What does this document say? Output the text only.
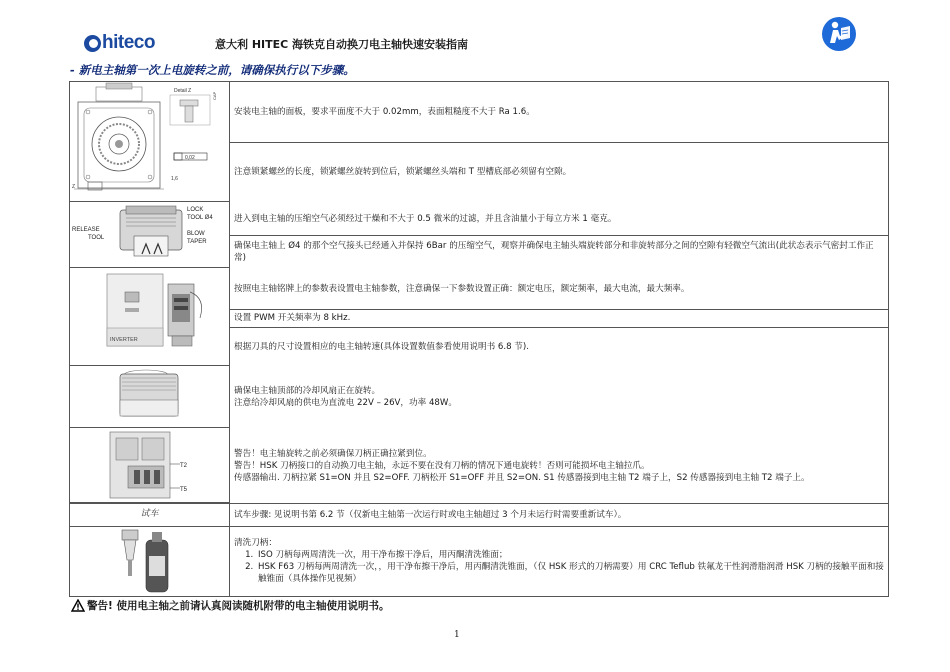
hiteco	意大利 HITEC 海铁克自动换刀电主轴快速安装指南
- 新电主轴第一次上电旋转之前，请确保执行以下步骤。
Detail Z
CAP
0,02
1,6
Z
RELEASE
TOOL
LOCK
TOOL Ø4
BLOW
TAPER
INVERTER
T2
T5
试车
安装电主轴的面板，要求平面度不大于 0.02mm，表面粗糙度不大于 Ra 1.6。
注意锁紧螺丝的长度，锁紧螺丝旋转到位后，锁紧螺丝头端和 T 型槽底部必须留有空隙。
进入到电主轴的压缩空气必须经过干燥和不大于 0.5 微米的过滤，并且含油量小于每立方米 1 毫克。
确保电主轴上 Ø4 的那个空气接头已经通入并保持 6Bar 的压缩空气，观察并确保电主轴头端旋转部分和非旋转部分之间的空隙有轻微空气流出(此状态表示气密封工作正常)
按照电主轴铭牌上的参数表设置电主轴参数，注意确保一下参数设置正确：额定电压，额定频率，最大电流，最大频率。
设置 PWM 开关频率为 8 kHz.
根据刀具的尺寸设置相应的电主轴转速(具体设置数值参看使用说明书 6.8 节).
确保电主轴顶部的冷却风扇正在旋转。
注意给冷却风扇的供电为直流电 22V – 26V，功率 48W。
警告！电主轴旋转之前必须确保刀柄正确拉紧到位。
警告！HSK 刀柄接口的自动换刀电主轴，永远不要在没有刀柄的情况下通电旋转！否则可能损坏电主轴拉爪。
传感器输出. 刀柄拉紧 S1=ON 并且 S2=OFF. 刀柄松开 S1=OFF 并且 S2=ON. S1 传感器接到电主轴 T2 端子上，S2 传感器接到电主轴 T2 端子上。
试车步骤: 见说明书第 6.2 节（仅新电主轴第一次运行时或电主轴超过 3 个月未运行时需要重新试车）。
清洗刀柄：
1. ISO 刀柄每两周清洗一次，用干净布擦干净后，用丙酮清洗锥面；
2. HSK F63 刀柄每两周清洗一次，，用干净布擦干净后，用丙酮清洗锥面，（仅 HSK 形式的刀柄需要）用 CRC Teflub 铁氟龙干性润滑脂润滑 HSK 刀柄的接触平面和接触锥面（具体操作见视频）
警告! 使用电主轴之前请认真阅读随机附带的电主轴使用说明书。
1
